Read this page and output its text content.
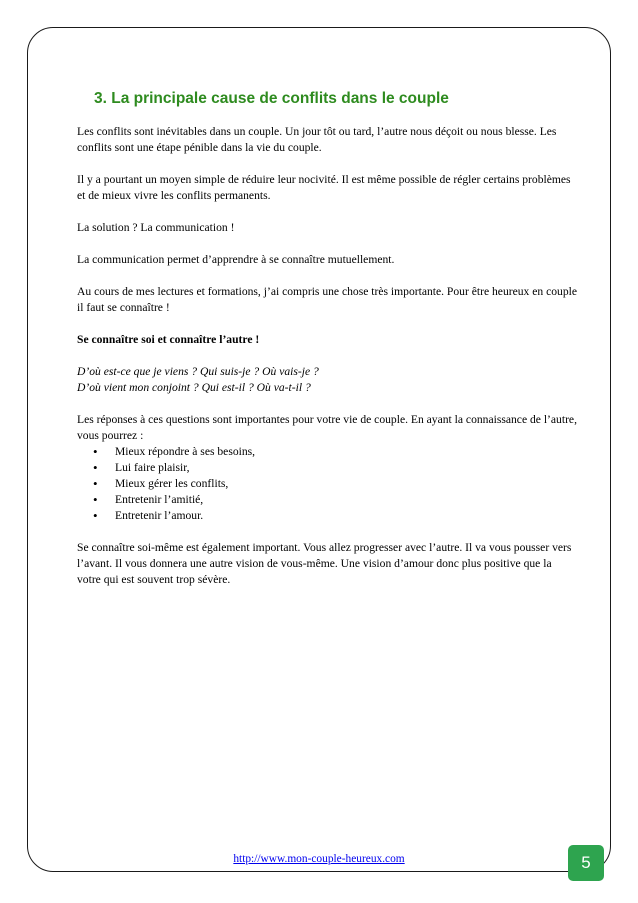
3. La principale cause de conflits dans le couple

Les conflits sont inévitables dans un couple. Un jour tôt ou tard, l’autre nous déçoit ou nous blesse. Les conflits sont une étape pénible dans la vie du couple.

Il y a pourtant un moyen simple de réduire leur nocivité. Il est même possible de régler certains problèmes et de mieux vivre les conflits permanents.

La solution ? La communication !

La communication permet d’apprendre à se connaître mutuellement.

Au cours de mes lectures et formations, j’ai compris une chose très importante. Pour être heureux en couple il faut se connaître !

Se connaître soi et connaître l’autre !

D’où est-ce que je viens ? Qui suis-je ? Où vais-je ?
D’où vient mon conjoint ? Qui est-il ? Où va-t-il ?

Les réponses à ces questions sont importantes pour votre vie de couple. En ayant la connaissance de l’autre, vous pourrez :

• Mieux répondre à ses besoins,
• Lui faire plaisir,
• Mieux gérer les conflits,
• Entretenir l’amitié,
• Entretenir l’amour.

Se connaître soi-même est également important. Vous allez progresser avec l’autre. Il va vous pousser vers l’avant. Il vous donnera une autre vision de vous-même. Une vision d’amour donc plus positive que la votre qui est souvent trop sévère.

http://www.mon-couple-heureux.com	5
